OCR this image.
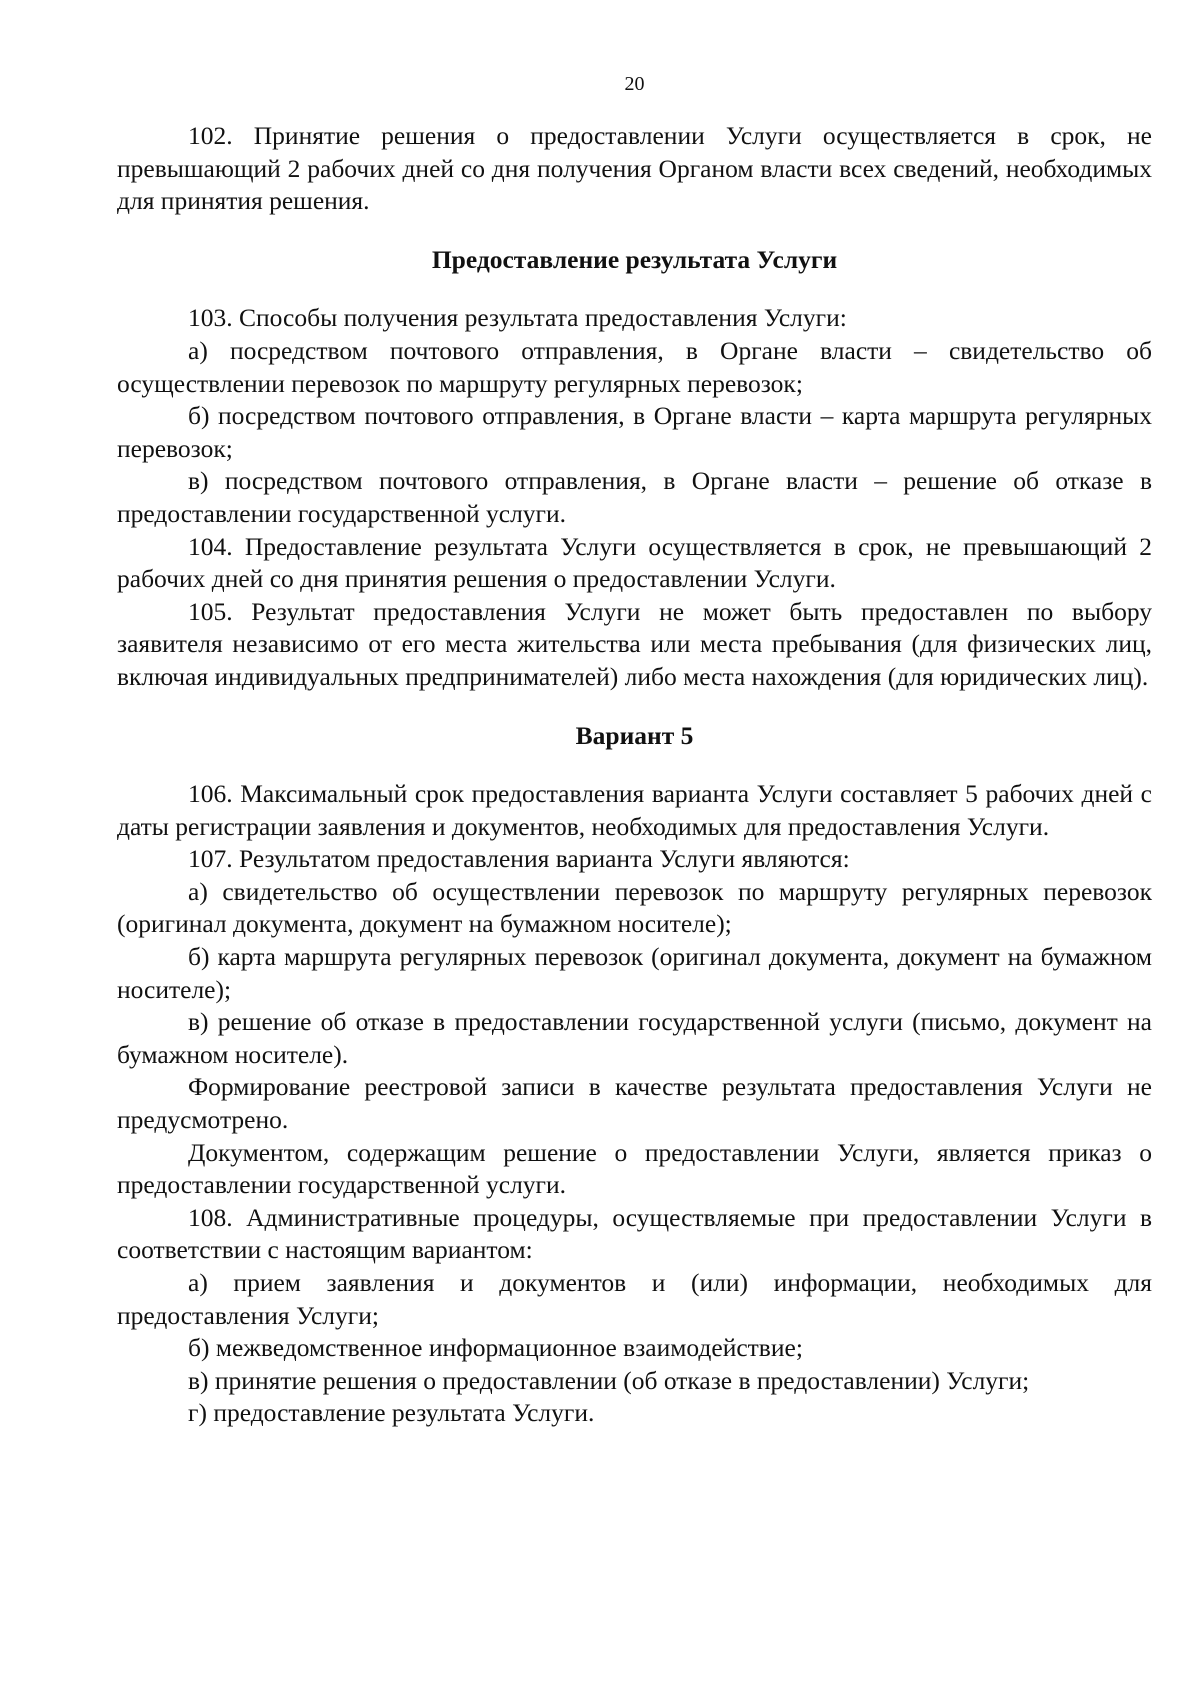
20

102. Принятие решения о предоставлении Услуги осуществляется в срок, не превышающий 2 рабочих дней со дня получения Органом власти всех сведений, необходимых для принятия решения.

Предоставление результата Услуги

103. Способы получения результата предоставления Услуги:

а) посредством почтового отправления, в Органе власти – свидетельство об осуществлении перевозок по маршруту регулярных перевозок;

б) посредством почтового отправления, в Органе власти – карта маршрута регулярных перевозок;

в) посредством почтового отправления, в Органе власти – решение об отказе в предоставлении государственной услуги.

104. Предоставление результата Услуги осуществляется в срок, не превышающий 2 рабочих дней со дня принятия решения о предоставлении Услуги.

105. Результат предоставления Услуги не может быть предоставлен по выбору заявителя независимо от его места жительства или места пребывания (для физических лиц, включая индивидуальных предпринимателей) либо места нахождения (для юридических лиц).

Вариант 5

106. Максимальный срок предоставления варианта Услуги составляет 5 рабочих дней с даты регистрации заявления и документов, необходимых для предоставления Услуги.

107. Результатом предоставления варианта Услуги являются:

а) свидетельство об осуществлении перевозок по маршруту регулярных перевозок (оригинал документа, документ на бумажном носителе);

б) карта маршрута регулярных перевозок (оригинал документа, документ на бумажном носителе);

в) решение об отказе в предоставлении государственной услуги (письмо, документ на бумажном носителе).

Формирование реестровой записи в качестве результата предоставления Услуги не предусмотрено.

Документом, содержащим решение о предоставлении Услуги, является приказ о предоставлении государственной услуги.

108. Административные процедуры, осуществляемые при предоставлении Услуги в соответствии с настоящим вариантом:

а) прием заявления и документов и (или) информации, необходимых для предоставления Услуги;

б) межведомственное информационное взаимодействие;

в) принятие решения о предоставлении (об отказе в предоставлении) Услуги;

г) предоставление результата Услуги.
